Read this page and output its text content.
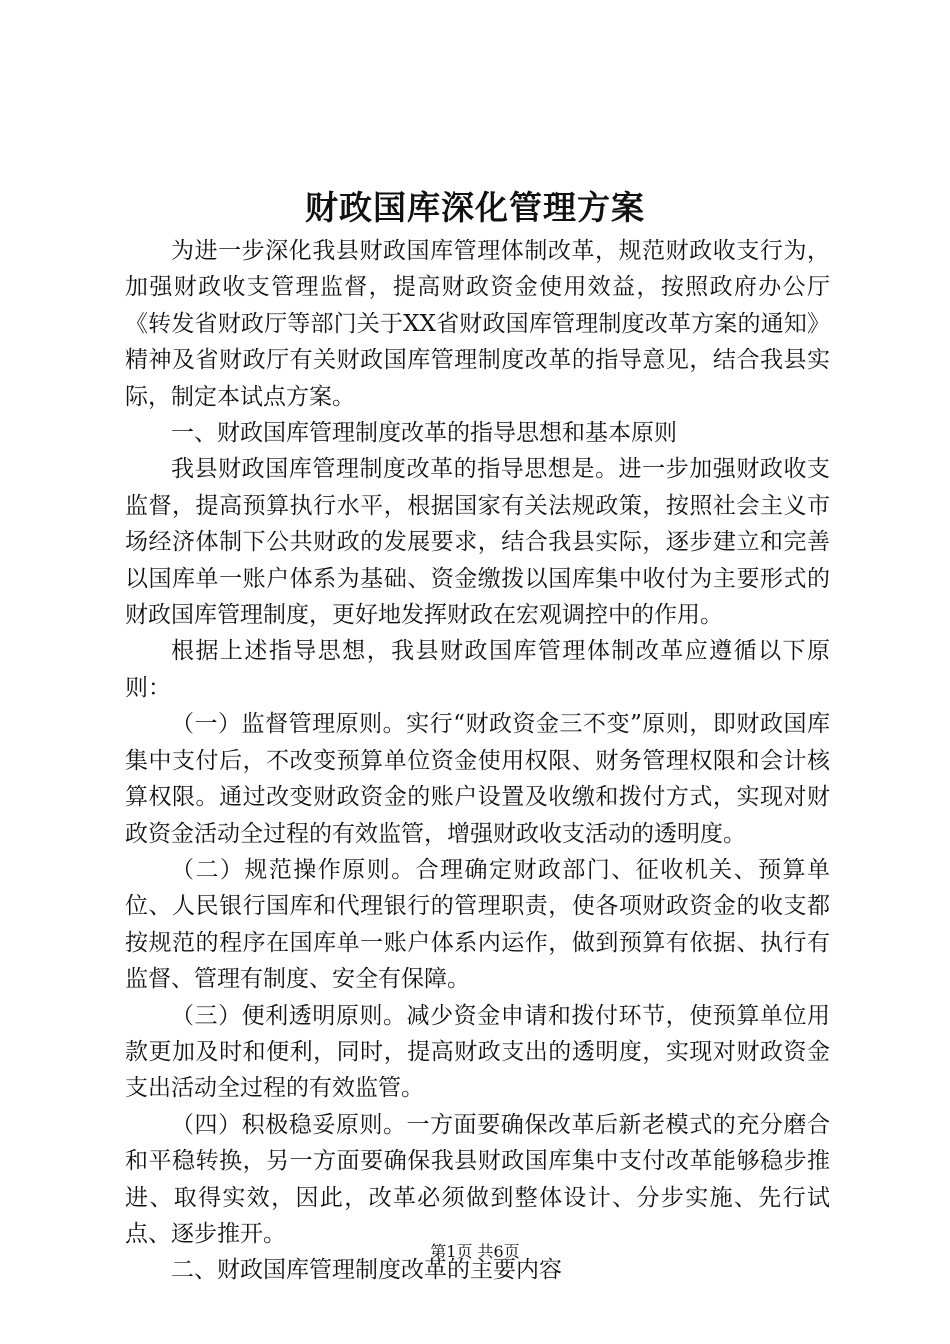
财政国库深化管理方案

为进一步深化我县财政国库管理体制改革，规范财政收支行为，加强财政收支管理监督，提高财政资金使用效益，按照政府办公厅《转发省财政厅等部门关于XX省财政国库管理制度改革方案的通知》精神及省财政厅有关财政国库管理制度改革的指导意见，结合我县实际，制定本试点方案。

一、财政国库管理制度改革的指导思想和基本原则

我县财政国库管理制度改革的指导思想是。进一步加强财政收支监督，提高预算执行水平，根据国家有关法规政策，按照社会主义市场经济体制下公共财政的发展要求，结合我县实际，逐步建立和完善以国库单一账户体系为基础、资金缴拨以国库集中收付为主要形式的财政国库管理制度，更好地发挥财政在宏观调控中的作用。

根据上述指导思想，我县财政国库管理体制改革应遵循以下原则：

（一）监督管理原则。实行“财政资金三不变”原则，即财政国库集中支付后，不改变预算单位资金使用权限、财务管理权限和会计核算权限。通过改变财政资金的账户设置及收缴和拨付方式，实现对财政资金活动全过程的有效监管，增强财政收支活动的透明度。

（二）规范操作原则。合理确定财政部门、征收机关、预算单位、人民银行国库和代理银行的管理职责，使各项财政资金的收支都按规范的程序在国库单一账户体系内运作，做到预算有依据、执行有监督、管理有制度、安全有保障。

（三）便利透明原则。减少资金申请和拨付环节，使预算单位用款更加及时和便利，同时，提高财政支出的透明度，实现对财政资金支出活动全过程的有效监管。

（四）积极稳妥原则。一方面要确保改革后新老模式的充分磨合和平稳转换，另一方面要确保我县财政国库集中支付改革能够稳步推进、取得实效，因此，改革必须做到整体设计、分步实施、先行试点、逐步推开。

二、财政国库管理制度改革的主要内容

第1页 共6页
